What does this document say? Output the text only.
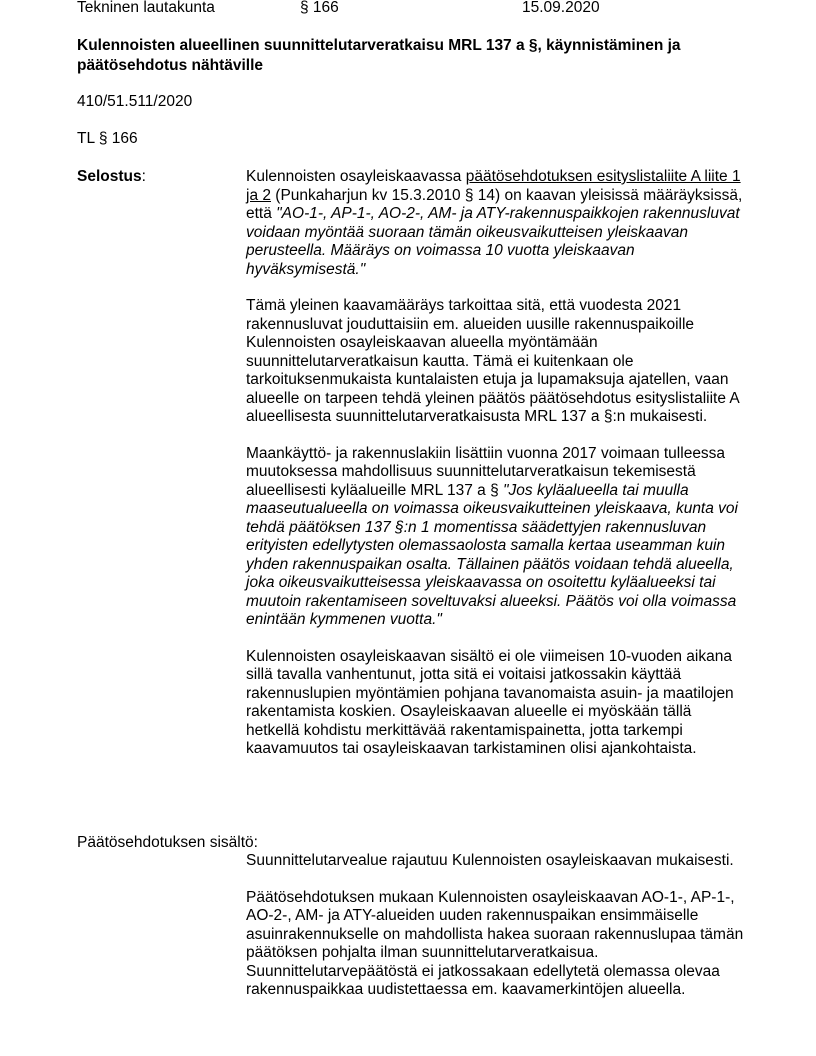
Tekninen lautakunta	§ 166	15.09.2020
Kulennoisten alueellinen suunnittelutarveratkaisu MRL 137 a §, käynnistäminen ja päätösehdotus nähtäville
410/51.511/2020
TL § 166
Selostus:	Kulennoisten osayleiskaavassa päätösehdotuksen esityslistaliite A liite 1 ja 2 (Punkaharjun kv 15.3.2010 § 14) on kaavan yleisissä määräyksissä, että "AO-1-, AP-1-, AO-2-, AM- ja ATY-rakennuspaikkojen rakennusluvat voidaan myöntää suoraan tämän oikeusvaikutteisen yleiskaavan perusteella. Määräys on voimassa 10 vuotta yleiskaavan hyväksymisestä."

Tämä yleinen kaavamääräys tarkoittaa sitä, että vuodesta 2021 rakennusluvat jouduttaisiin em. alueiden uusille rakennuspaikoille Kulennoisten osayleiskaavan alueella myöntämään suunnittelutarveratkaisun kautta. Tämä ei kuitenkaan ole tarkoituksenmukaista kuntalaisten etuja ja lupamaksuja ajatellen, vaan alueelle on tarpeen tehdä yleinen päätös päätösehdotus esityslistaliite A alueellisesta suunnittelutarveratkaisusta MRL 137 a §:n mukaisesti.

Maankäyttö- ja rakennuslakiin lisättiin vuonna 2017 voimaan tulleessa muutoksessa mahdollisuus suunnittelutarveratkaisun tekemisestä alueellisesti kyläalueille MRL 137 a § "Jos kyläalueella tai muulla maaseutualueella on voimassa oikeusvaikutteinen yleiskaava, kunta voi tehdä päätöksen 137 §:n 1 momentissa säädettyjen rakennusluvan erityisten edellytysten olemassaolosta samalla kertaa useamman kuin yhden rakennuspaikan osalta. Tällainen päätös voidaan tehdä alueella, joka oikeusvaikutteisessa yleiskaavassa on osoitettu kyläalueeksi tai muutoin rakentamiseen soveltuvaksi alueeksi. Päätös voi olla voimassa enintään kymmenen vuotta."

Kulennoisten osayleiskaavan sisältö ei ole viimeisen 10-vuoden aikana sillä tavalla vanhentunut, jotta sitä ei voitaisi jatkossakin käyttää rakennuslupien myöntämien pohjana tavanomaista asuin- ja maatilojen rakentamista koskien. Osayleiskaavan alueelle ei myöskään tällä hetkellä kohdistu merkittävää rakentamispainetta, jotta tarkempi kaavamuutos tai osayleiskaavan tarkistaminen olisi ajankohtaista.

Päätösehdotuksen sisältö:

Suunnittelutarvealue rajautuu Kulennoisten osayleiskaavan mukaisesti.

Päätösehdotuksen mukaan Kulennoisten osayleiskaavan AO-1-, AP-1-, AO-2-, AM- ja ATY-alueiden uuden rakennuspaikan ensimmäiselle asuinrakennukselle on mahdollista hakea suoraan rakennuslupaa tämän päätöksen pohjalta ilman suunnittelutarveratkaisua. Suunnittelutarvepäätöstä ei jatkossakaan edellytetä olemassa olevaa rakennuspaikkaa uudistettaessa em. kaavamerkintöjen alueella.
